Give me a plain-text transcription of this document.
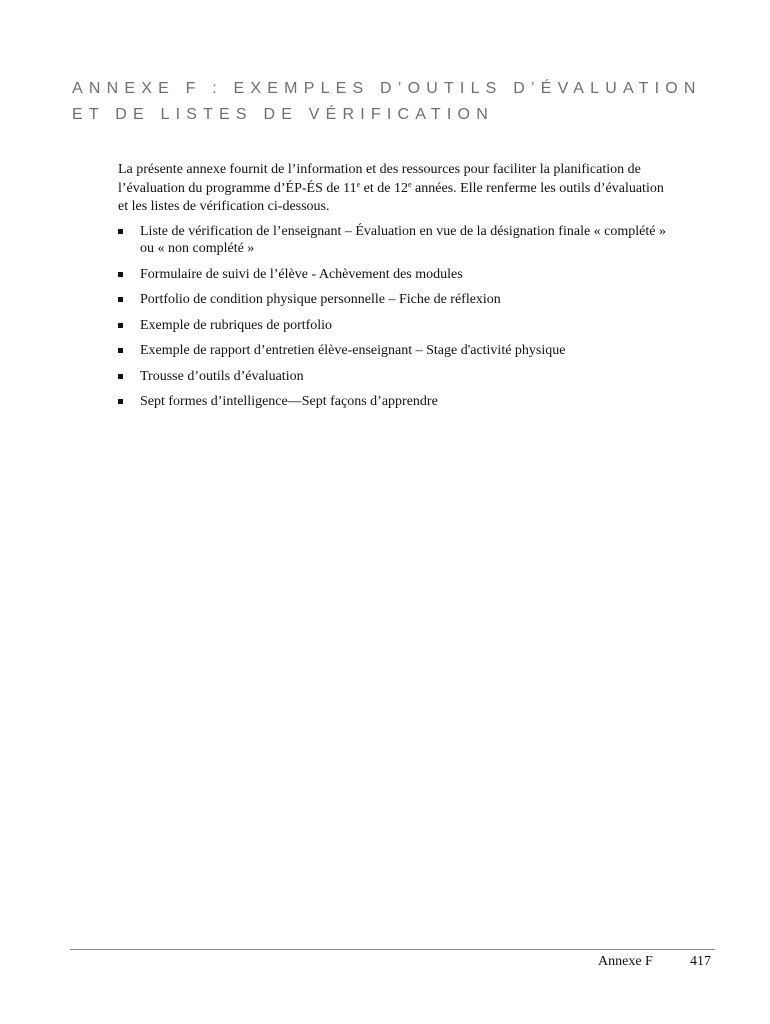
ANNEXE F : EXEMPLES D’OUTILS D’ÉVALUATION
ET DE LISTES DE VÉRIFICATION

La présente annexe fournit de l’information et des ressources pour faciliter la planification de
l’évaluation du programme d’ÉP-ÉS de 11e et de 12e années. Elle renferme les outils d’évaluation
et les listes de vérification ci-dessous.

Liste de vérification de l’enseignant – Évaluation en vue de la désignation finale « complété »
ou « non complété »
Formulaire de suivi de l’élève - Achèvement des modules
Portfolio de condition physique personnelle – Fiche de réflexion
Exemple de rubriques de portfolio
Exemple de rapport d’entretien élève-enseignant – Stage d'activité physique
Trousse d’outils d’évaluation
Sept formes d’intelligence—Sept façons d’apprendre
Annexe F	417
